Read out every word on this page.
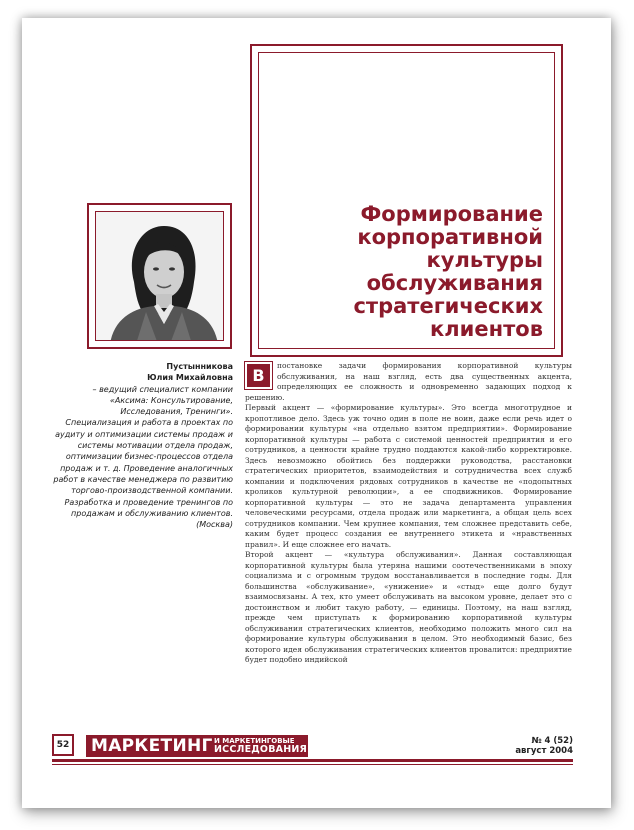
Формирование
корпоративной
культуры
обслуживания
стратегических
клиентов
Пустынникова
Юлия Михайловна
– ведущий специалист компании «Аксима: Консультирование, Исследования, Тренинги». Специализация и работа в проектах по аудиту и оптимизации системы продаж и системы мотивации отдела продаж, оптимизации бизнес-процессов отдела продаж и т. д. Проведение аналогичных работ в качестве менеджера по развитию торгово-производственной компании. Разработка и проведение тренингов по продажам и обслуживанию клиентов.
(Москва)

В
постановке задачи формирования корпоративной культуры обслуживания, на наш взгляд, есть два существенных акцента, определяющих ее сложность и одновременно задающих подход к решению.

Первый акцент — «формирование культуры». Это всегда многотрудное и кропотливое дело. Здесь уж точно один в поле не воин, даже если речь идет о формировании культуры «на отдельно взятом предприятии». Формирование корпоративной культуры — работа с системой ценностей предприятия и его сотрудников, а ценности крайне трудно поддаются какой-либо корректировке. Здесь невозможно обойтись без поддержки руководства, расстановки стратегических приоритетов, взаимодействия и сотрудничества всех служб компании и подключения рядовых сотрудников в качестве не «подопытных кроликов культурной революции», а ее сподвижников. Формирование корпоративной культуры — это не задача департамента управления человеческими ресурсами, отдела продаж или маркетинга, а общая цель всех сотрудников компании. Чем крупнее компания, тем сложнее представить себе, каким будет процесс создания ее внутреннего этикета и «нравственных правил». И еще сложнее его начать.

Второй акцент — «культура обслуживания». Данная составляющая корпоративной культуры была утеряна нашими соотечественниками в эпоху социализма и с огромным трудом восстанавливается в последние годы. Для большинства «обслуживание», «унижение» и «стыд» еще долго будут взаимосвязаны. А тех, кто умеет обслуживать на высоком уровне, делает это с достоинством и любит такую работу, — единицы. Поэтому, на наш взгляд, прежде чем приступать к формированию корпоративной культуры обслуживания стратегических клиентов, необходимо положить много сил на формирование культуры обслуживания в целом. Это необходимый базис, без которого идея обслуживания стратегических клиентов провалится: предприятие будет подобно индийской

52 МАРКЕТИНГ И МАРКЕТИНГОВЫЕ
ИССЛЕДОВАНИЯ
№ 4 (52)
август 2004
